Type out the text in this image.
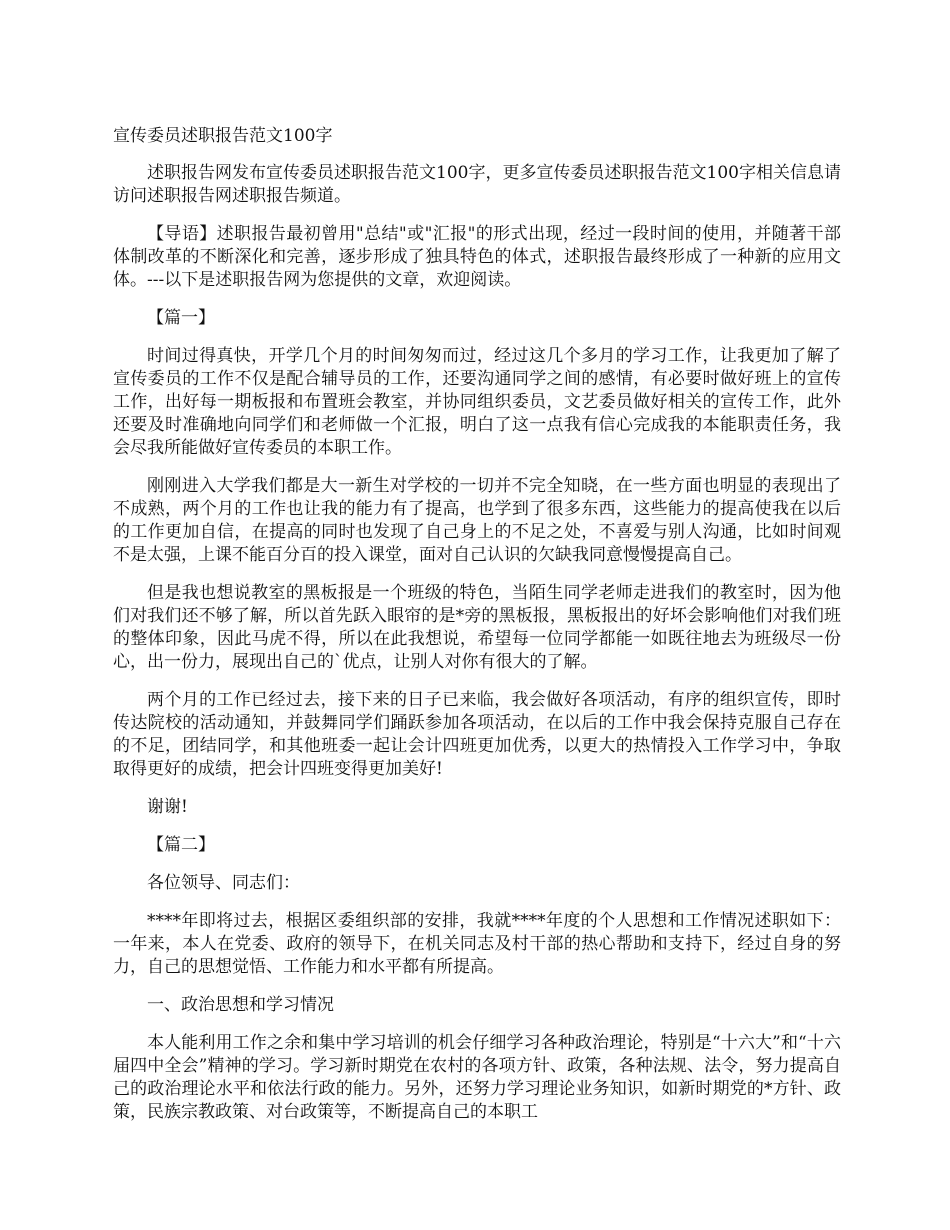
宣传委员述职报告范文100字

述职报告网发布宣传委员述职报告范文100字，更多宣传委员述职报告范文100字相关信息请访问述职报告网述职报告频道。

【导语】述职报告最初曾用"总结"或"汇报"的形式出现，经过一段时间的使用，并随著干部体制改革的不断深化和完善，逐步形成了独具特色的体式，述职报告最终形成了一种新的应用文体。---以下是述职报告网为您提供的文章，欢迎阅读。

【篇一】

时间过得真快，开学几个月的时间匆匆而过，经过这几个多月的学习工作，让我更加了解了宣传委员的工作不仅是配合辅导员的工作，还要沟通同学之间的感情，有必要时做好班上的宣传工作，出好每一期板报和布置班会教室，并协同组织委员，文艺委员做好相关的宣传工作，此外还要及时准确地向同学们和老师做一个汇报，明白了这一点我有信心完成我的本能职责任务，我会尽我所能做好宣传委员的本职工作。

刚刚进入大学我们都是大一新生对学校的一切并不完全知晓，在一些方面也明显的表现出了不成熟，两个月的工作也让我的能力有了提高，也学到了很多东西，这些能力的提高使我在以后的工作更加自信，在提高的同时也发现了自己身上的不足之处，不喜爱与别人沟通，比如时间观不是太强，上课不能百分百的投入课堂，面对自己认识的欠缺我同意慢慢提高自己。

但是我也想说教室的黑板报是一个班级的特色，当陌生同学老师走进我们的教室时，因为他们对我们还不够了解，所以首先跃入眼帘的是*旁的黑板报，黑板报出的好坏会影响他们对我们班的整体印象，因此马虎不得，所以在此我想说，希望每一位同学都能一如既往地去为班级尽一份心，出一份力，展现出自己的`优点，让别人对你有很大的了解。

两个月的工作已经过去，接下来的日子已来临，我会做好各项活动，有序的组织宣传，即时传达院校的活动通知，并鼓舞同学们踊跃参加各项活动，在以后的工作中我会保持克服自己存在的不足，团结同学，和其他班委一起让会计四班更加优秀，以更大的热情投入工作学习中，争取取得更好的成绩，把会计四班变得更加美好!

谢谢!

【篇二】

各位领导、同志们：

****年即将过去，根据区委组织部的安排，我就****年度的个人思想和工作情况述职如下：一年来，本人在党委、政府的领导下，在机关同志及村干部的热心帮助和支持下，经过自身的努力，自己的思想觉悟、工作能力和水平都有所提高。

一、政治思想和学习情况

本人能利用工作之余和集中学习培训的机会仔细学习各种政治理论，特别是“十六大”和“十六届四中全会”精神的学习。学习新时期党在农村的各项方针、政策，各种法规、法令，努力提高自己的政治理论水平和依法行政的能力。另外，还努力学习理论业务知识，如新时期党的*方针、政策，民族宗教政策、对台政策等，不断提高自己的本职工
